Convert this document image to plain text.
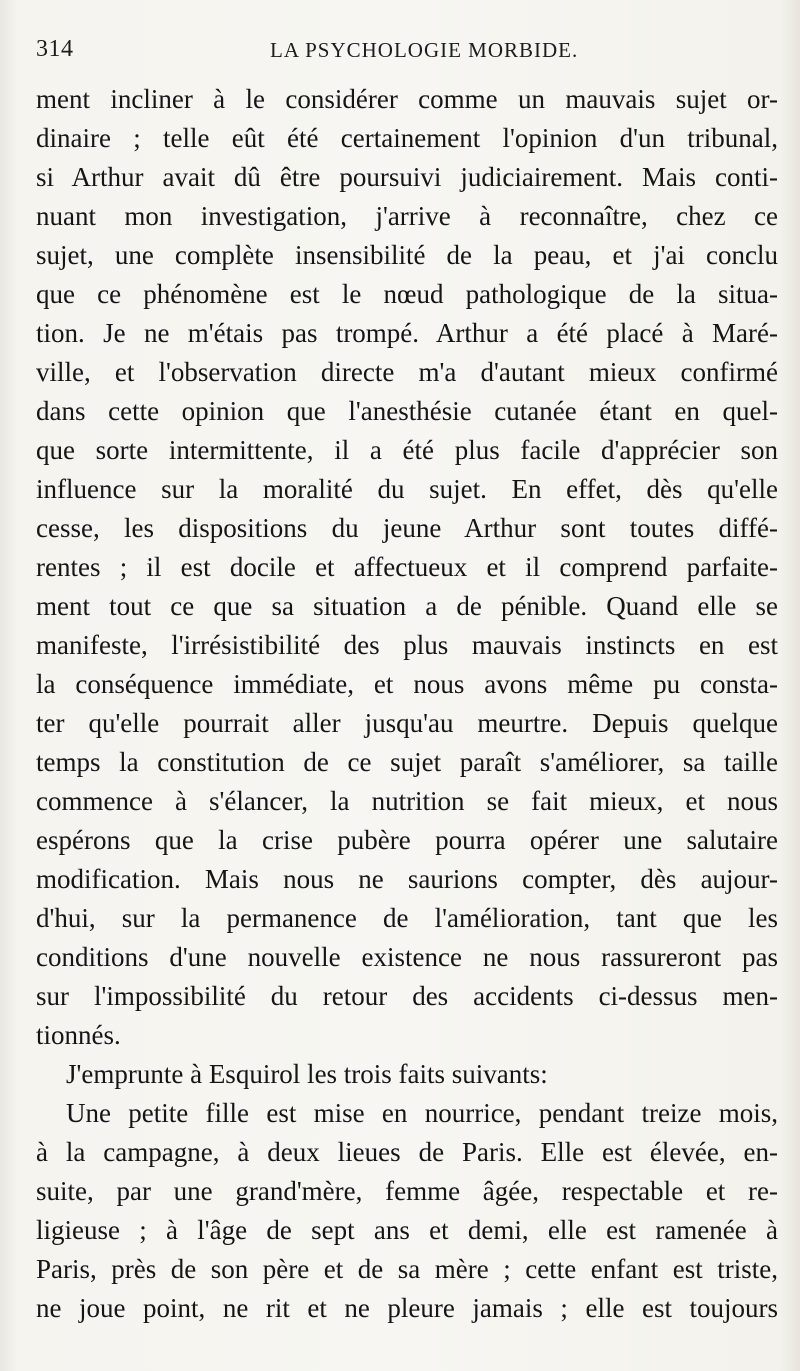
314	LA PSYCHOLOGIE MORBIDE.
ment incliner à le considérer comme un mauvais sujet or-
dinaire ; telle eût été certainement l'opinion d'un tribunal,
si Arthur avait dû être poursuivi judiciairement. Mais conti-
nuant mon investigation, j'arrive à reconnaître, chez ce
sujet, une complète insensibilité de la peau, et j'ai conclu
que ce phénomène est le nœud pathologique de la situa-
tion. Je ne m'étais pas trompé. Arthur a été placé à Maré-
ville, et l'observation directe m'a d'autant mieux confirmé
dans cette opinion que l'anesthésie cutanée étant en quel-
que sorte intermittente, il a été plus facile d'apprécier son
influence sur la moralité du sujet. En effet, dès qu'elle
cesse, les dispositions du jeune Arthur sont toutes diffé-
rentes ; il est docile et affectueux et il comprend parfaite-
ment tout ce que sa situation a de pénible. Quand elle se
manifeste, l'irrésistibilité des plus mauvais instincts en est
la conséquence immédiate, et nous avons même pu consta-
ter qu'elle pourrait aller jusqu'au meurtre. Depuis quelque
temps la constitution de ce sujet paraît s'améliorer, sa taille
commence à s'élancer, la nutrition se fait mieux, et nous
espérons que la crise pubère pourra opérer une salutaire
modification. Mais nous ne saurions compter, dès aujour-
d'hui, sur la permanence de l'amélioration, tant que les
conditions d'une nouvelle existence ne nous rassureront pas
sur l'impossibilité du retour des accidents ci-dessus men-
tionnés.
J'emprunte à Esquirol les trois faits suivants:
Une petite fille est mise en nourrice, pendant treize mois,
à la campagne, à deux lieues de Paris. Elle est élevée, en-
suite, par une grand'mère, femme âgée, respectable et re-
ligieuse ; à l'âge de sept ans et demi, elle est ramenée à
Paris, près de son père et de sa mère ; cette enfant est triste,
ne joue point, ne rit et ne pleure jamais ; elle est toujours
